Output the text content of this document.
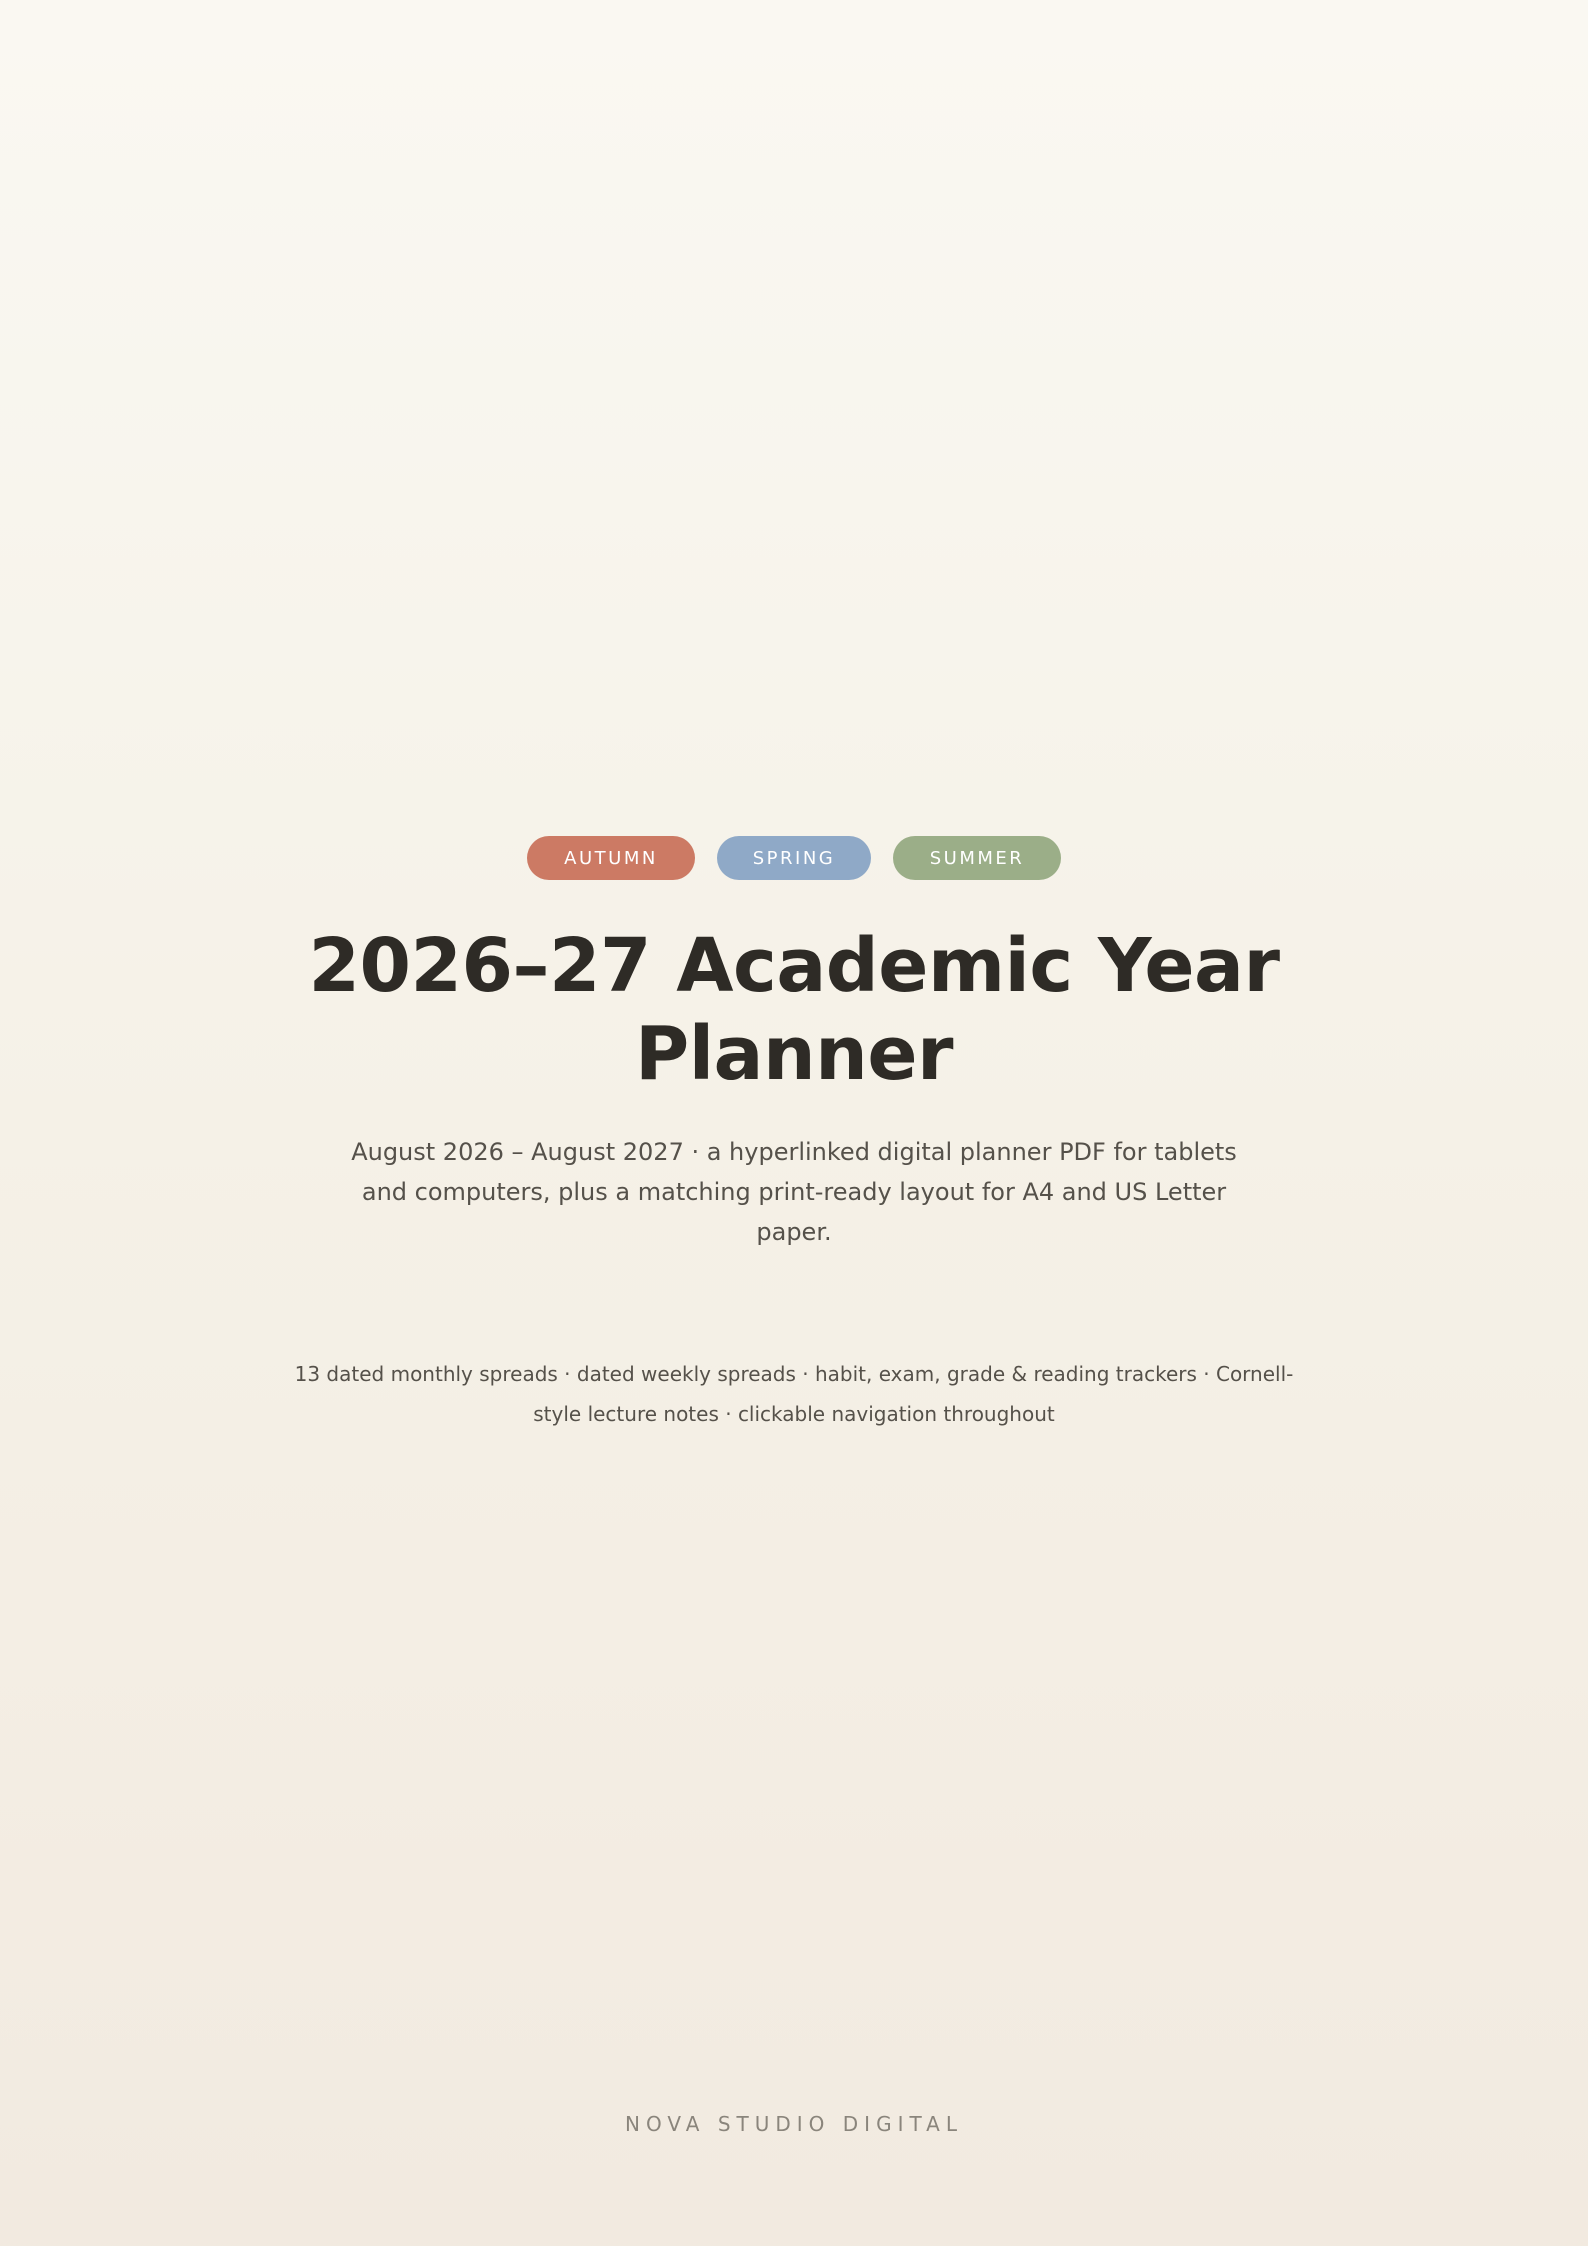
AUTUMN	SPRING	SUMMER
2026–27 Academic Year Planner

August 2026 – August 2027 · a hyperlinked digital planner PDF for tablets and computers, plus a matching print-ready layout for A4 and US Letter paper.

13 dated monthly spreads · dated weekly spreads · habit, exam, grade & reading trackers · Cornell-style lecture notes · clickable navigation throughout

NOVA STUDIO DIGITAL
